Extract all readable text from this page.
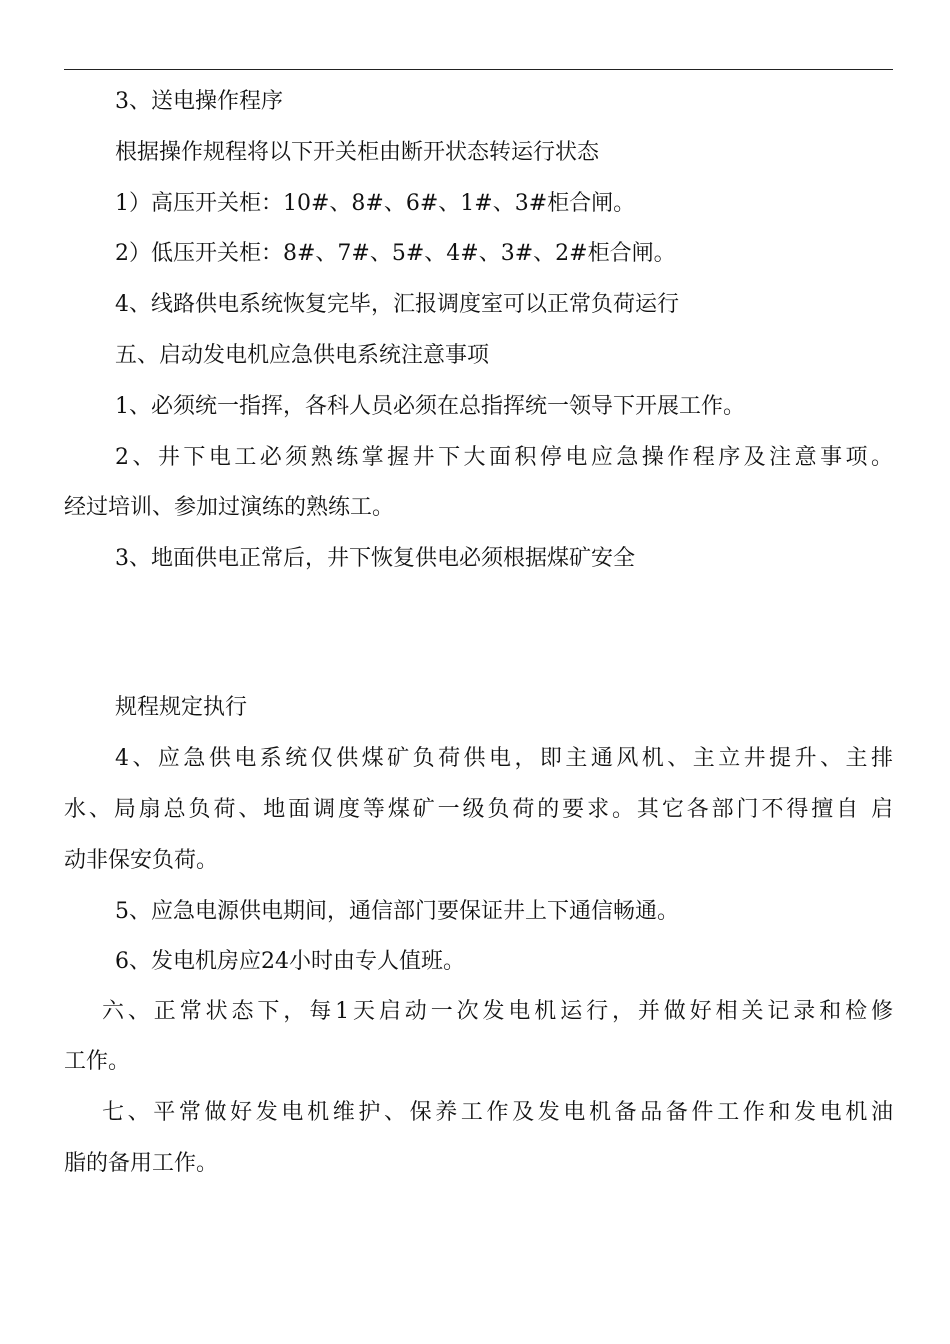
3、送电操作程序
根据操作规程将以下开关柜由断开状态转运行状态
1）高压开关柜：10#、8#、6#、1#、3#柜合闸。
2）低压开关柜：8#、7#、5#、4#、3#、2#柜合闸。
4、线路供电系统恢复完毕，汇报调度室可以正常负荷运行
五、启动发电机应急供电系统注意事项
1、必须统一指挥，各科人员必须在总指挥统一领导下开展工作。
2、井下电工必须熟练掌握井下大面积停电应急操作程序及注意事项。
经过培训、参加过演练的熟练工。
3、地面供电正常后，井下恢复供电必须根据煤矿安全
规程规定执行
4、应急供电系统仅供煤矿负荷供电，即主通风机、主立井提升、主排
水、局扇总负荷、地面调度等煤矿一级负荷的要求。其它各部门不得擅自 启
动非保安负荷。
5、应急电源供电期间，通信部门要保证井上下通信畅通。
6、发电机房应24小时由专人值班。
六、正常状态下，每1天启动一次发电机运行，并做好相关记录和检修
工作。
七、平常做好发电机维护、保养工作及发电机备品备件工作和发电机油
脂的备用工作。
